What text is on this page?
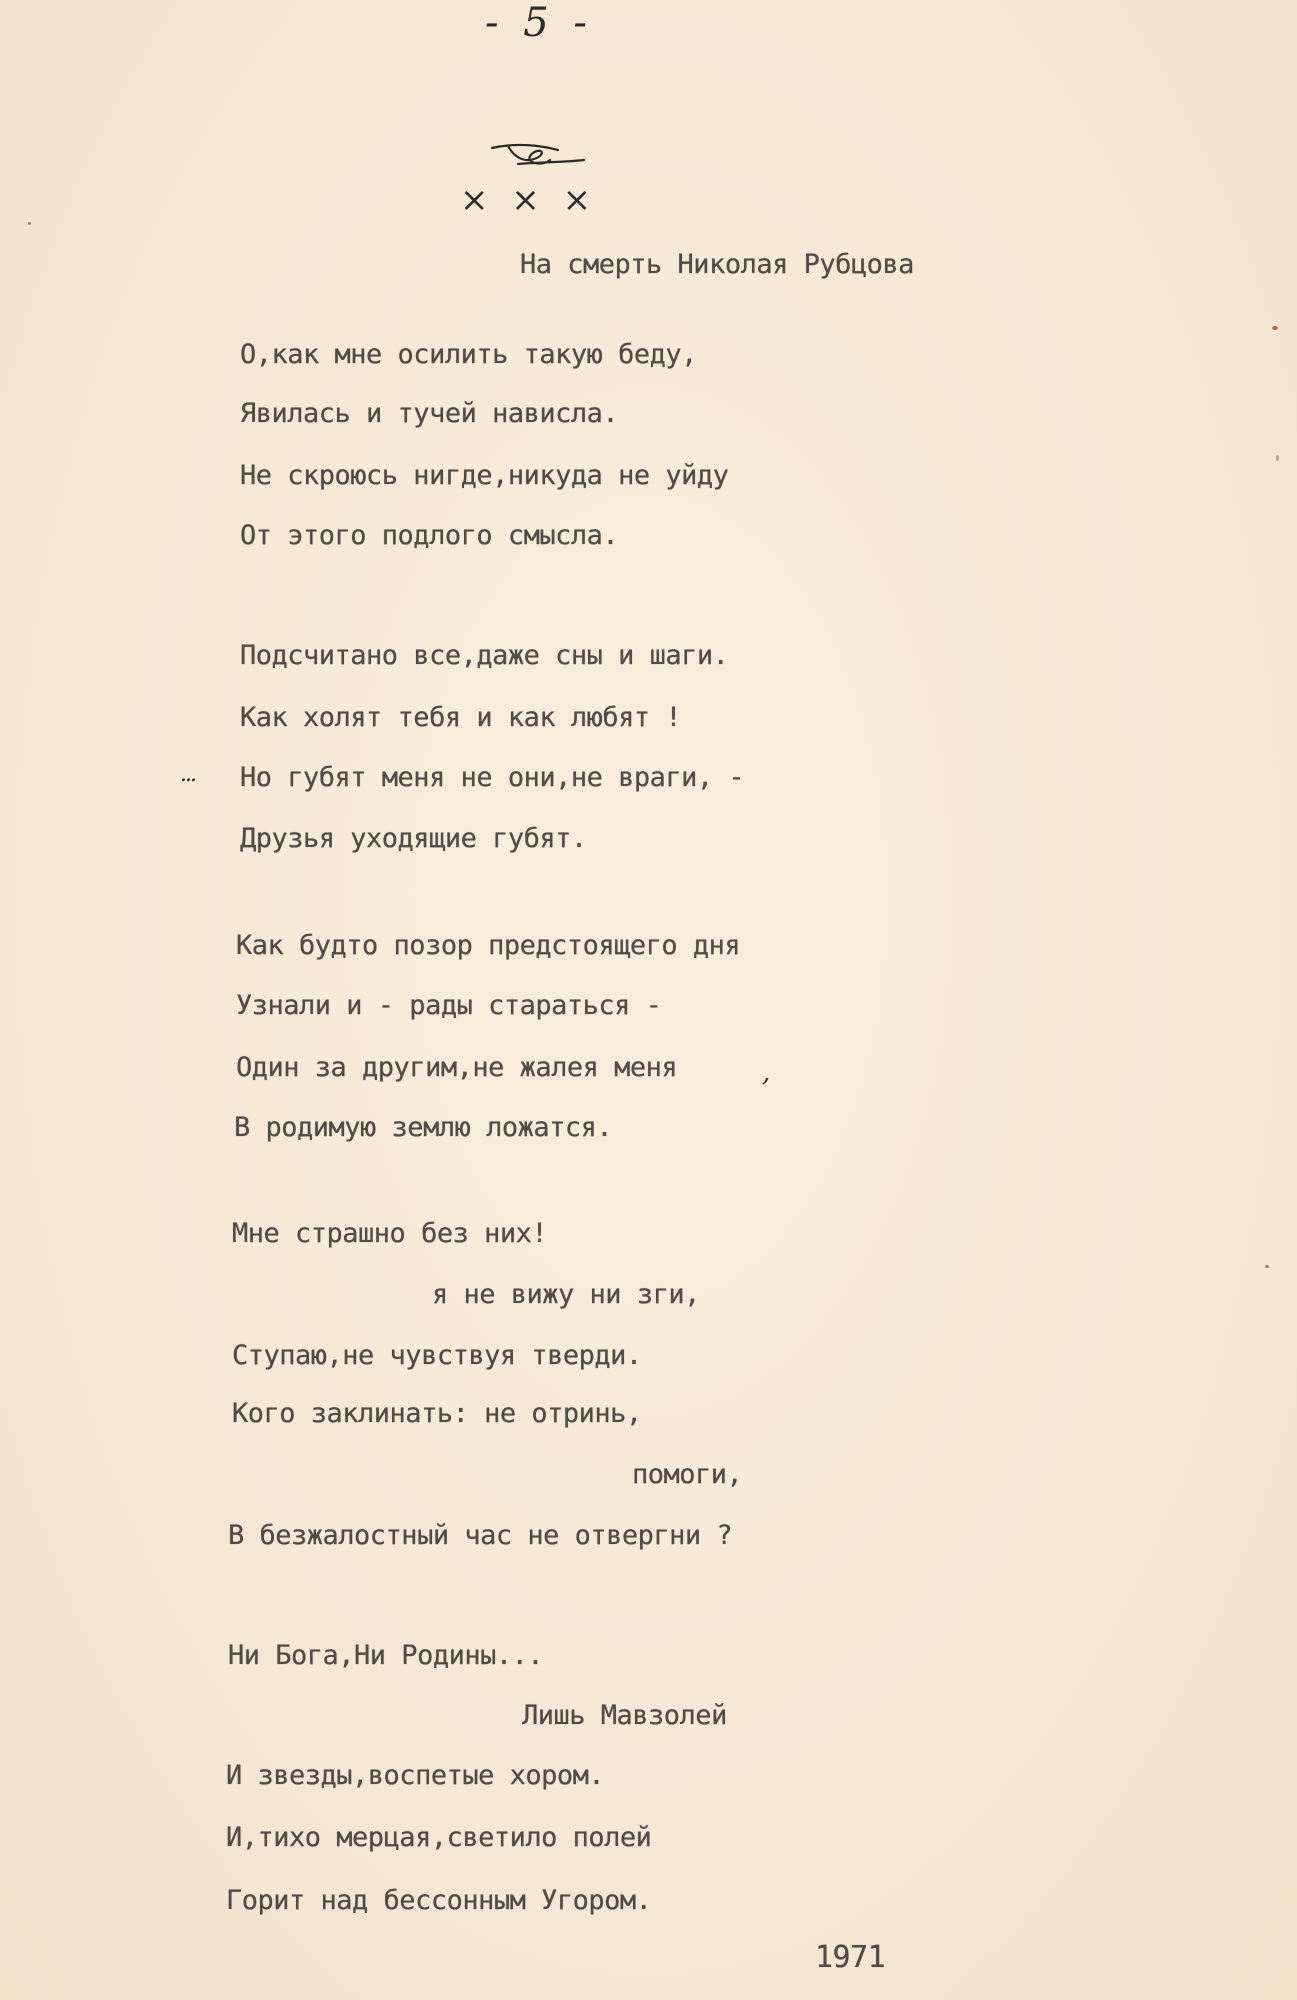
- 5 -
× × ×
На смерть Николая Рубцова
О,как мне осилить такую беду,
Явилась и тучей нависла.
Не скроюсь нигде,никуда не уйду
От этого подлого смысла.
Подсчитано все,даже сны и шаги.
Как холят тебя и как любят !
... Но губят меня не они,не враги, -
Друзья уходящие губят.
Как будто позор предстоящего дня
Узнали и - рады стараться -
Один за другим,не жалея меня	,
В родимую землю ложатся.
Мне страшно без них!
я не вижу ни зги,
Ступаю,не чувствуя тверди.
Кого заклинать: не отринь,
помоги,
В безжалостный час не отвергни ?
Ни Бога,Ни Родины...
Лишь Мавзолей
И звезды,воспетые хором.
И,тихо мерцая,светило полей
Горит над бессонным Угором.
1971
